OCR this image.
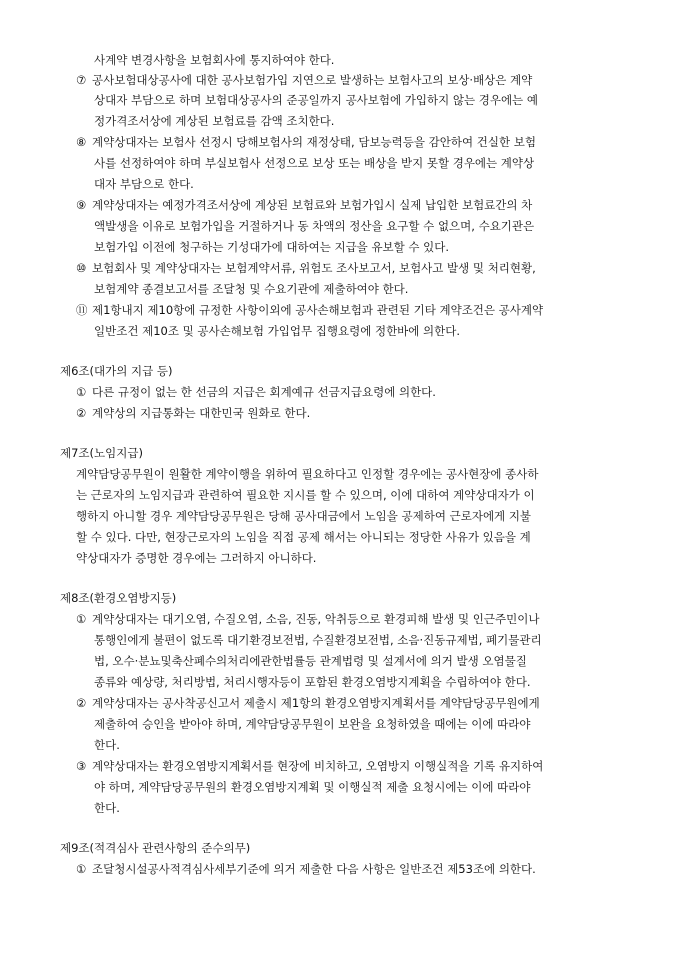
사계약 변경사항을 보험회사에 통지하여야 한다.
⑦ 공사보험대상공사에 대한 공사보험가입 지연으로 발생하는 보험사고의 보상·배상은 계약
상대자 부담으로 하며 보험대상공사의 준공일까지 공사보험에 가입하지 않는 경우에는 예
정가격조서상에 계상된 보험료를 감액 조치한다.
⑧ 계약상대자는 보험사 선정시 당해보험사의 재정상태, 담보능력등을 감안하여 건실한 보험
사를 선정하여야 하며 부실보험사 선정으로 보상 또는 배상을 받지 못할 경우에는 계약상
대자 부담으로 한다.
⑨ 계약상대자는 예정가격조서상에 계상된 보험료와 보험가입시 실제 납입한 보험료간의 차
액발생을 이유로 보험가입을 거절하거나 동 차액의 정산을 요구할 수 없으며, 수요기관은
보험가입 이전에 청구하는 기성대가에 대하여는 지급을 유보할 수 있다.
⑩ 보험회사 및 계약상대자는 보험계약서류, 위험도 조사보고서, 보험사고 발생 및 처리현황,
보험계약 종결보고서를 조달청 및 수요기관에 제출하여야 한다.
⑪ 제1항내지 제10항에 규정한 사항이외에 공사손해보험과 관련된 기타 계약조건은 공사계약
일반조건 제10조 및 공사손해보험 가입업무 집행요령에 정한바에 의한다.
제6조(대가의 지급 등)
① 다른 규정이 없는 한 선금의 지급은 회계예규 선금지급요령에 의한다.
② 계약상의 지급통화는 대한민국 원화로 한다.
제7조(노임지급)
계약담당공무원이 원활한 계약이행을 위하여 필요하다고 인정할 경우에는 공사현장에 종사하
는 근로자의 노임지급과 관련하여 필요한 지시를 할 수 있으며, 이에 대하여 계약상대자가 이
행하지 아니할 경우 계약담당공무원은 당해 공사대금에서 노임을 공제하여 근로자에게 지불
할 수 있다. 다만, 현장근로자의 노임을 직접 공제 해서는 아니되는 정당한 사유가 있음을 계
약상대자가 증명한 경우에는 그러하지 아니하다.
제8조(환경오염방지등)
① 계약상대자는 대기오염, 수질오염, 소음, 진동, 악취등으로 환경피해 발생 및 인근주민이나
통행인에게 불편이 없도록 대기환경보전법, 수질환경보전법, 소음·진동규제법, 폐기물관리
법, 오수·분뇨및축산폐수의처리에관한법률등 관계법령 및 설계서에 의거 발생 오염물질
종류와 예상량, 처리방법, 처리시행자등이 포함된 환경오염방지계획을 수립하여야 한다.
② 계약상대자는 공사착공신고서 제출시 제1항의 환경오염방지계획서를 계약담당공무원에게
제출하여 승인을 받아야 하며, 계약담당공무원이 보완을 요청하였을 때에는 이에 따라야
한다.
③ 계약상대자는 환경오염방지계획서를 현장에 비치하고, 오염방지 이행실적을 기록 유지하여
야 하며, 계약담당공무원의 환경오염방지계획 및 이행실적 제출 요청시에는 이에 따라야
한다.
제9조(적격심사 관련사항의 준수의무)
① 조달청시설공사적격심사세부기준에 의거 제출한 다음 사항은 일반조건 제53조에 의한다.
